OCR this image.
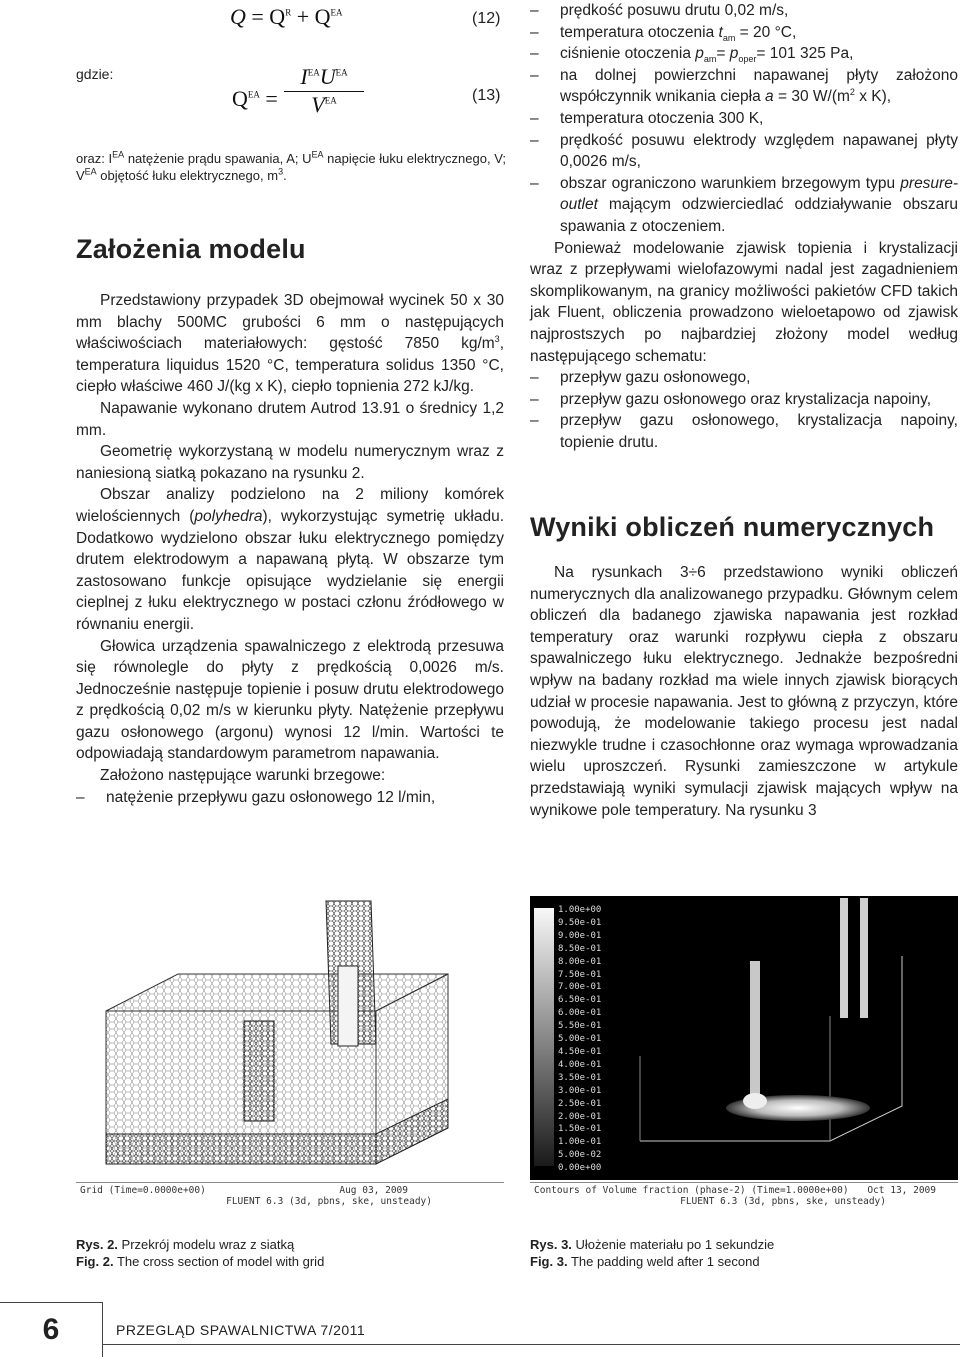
$Q = Q^R + Q^{EA}$	(12)
gdzie:
$Q^{EA}$ =
$I^{EA}U^{EA}$
$V^{EA}$	(13)
oraz: $I^{EA}$ natężenie prądu spawania, A; $U^{EA}$ napięcie łuku elektrycznego, V; $V^{EA}$ objętość łuku elektrycznego, $m^3$.
Założenia modelu

Przedstawiony przypadek 3D obejmował wycinek 50 x 30 mm blachy 500MC grubości 6 mm o następujących właściwościach materiałowych: gęstość 7850 $kg/m^3$, temperatura liquidus 1520 °C, temperatura solidus 1350 °C, ciepło właściwe 460 J/(kg x K), ciepło topnienia 272 kJ/kg.

Napawanie wykonano drutem Autrod 13.91 o średnicy 1,2 mm.

Geometrię wykorzystaną w modelu numerycznym wraz z naniesioną siatką pokazano na rysunku 2.

Obszar analizy podzielono na 2 miliony komórek wielościennych (polyhedra), wykorzystując symetrię układu. Dodatkowo wydzielono obszar łuku elektrycznego pomiędzy drutem elektrodowym a napawaną płytą. W obszarze tym zastosowano funkcje opisujące wydzielanie się energii cieplnej z łuku elektrycznego w postaci członu źródłowego w równaniu energii.

Głowica urządzenia spawalniczego z elektrodą przesuwa się równolegle do płyty z prędkością 0,0026 m/s. Jednocześnie następuje topienie i posuw drutu elektrodowego z prędkością 0,02 m/s w kierunku płyty. Natężenie przepływu gazu osłonowego (argonu) wynosi 12 l/min. Wartości te odpowiadają standardowym parametrom napawania.

Założono następujące warunki brzegowe:

– natężenie przepływu gazu osłonowego 12 l/min,

– prędkość posuwu drutu 0,02 m/s,

– temperatura otoczenia $t_{am} = 20$ °C,

– ciśnienie otoczenia $p_{am}= p_{oper}= 101$ 325 Pa,

– na dolnej powierzchni napawanej płyty założono współczynnik wnikania ciepła a = 30 $W/(m^2$ x K),

– temperatura otoczenia 300 K,

– prędkość posuwu elektrody względem napawanej płyty 0,0026 m/s,

– obszar ograniczono warunkiem brzegowym typu presure-outlet mającym odzwierciedlać oddziaływanie obszaru spawania z otoczeniem.

Ponieważ modelowanie zjawisk topienia i krystalizacji wraz z przepływami wielofazowymi nadal jest zagadnieniem skomplikowanym, na granicy możliwości pakietów CFD takich jak Fluent, obliczenia prowadzono wieloetapowo od zjawisk najprostszych po najbardziej złożony model według następującego schematu:

– przepływ gazu osłonowego,

– przepływ gazu osłonowego oraz krystalizacja napoiny,

– przepływ gazu osłonowego, krystalizacja napoiny, topienie drutu.

Wyniki obliczeń numerycznych

Na rysunkach 3÷6 przedstawiono wyniki obliczeń numerycznych dla analizowanego przypadku. Głównym celem obliczeń dla badanego zjawiska napawania jest rozkład temperatury oraz warunki rozpływu ciepła z obszaru spawalniczego łuku elektrycznego. Jednakże bezpośredni wpływ na badany rozkład ma wiele innych zjawisk biorących udział w procesie napawania. Jest to główną z przyczyn, które powodują, że modelowanie takiego procesu jest nadal niezwykle trudne i czasochłonne oraz wymaga wprowadzania wielu uproszczeń. Rysunki zamieszczone w artykule przedstawiają wyniki symulacji zjawisk mających wpływ na wynikowe pole temperatury. Na rysunku 3

Grid (Time=0.0000e+00)	Aug 03, 2009
FLUENT 6.3 (3d, pbns, ske, unsteady)
Rys. 2. Przekrój modelu wraz z siatką
Fig. 2. The cross section of model with grid
1.00e+00
9.50e-01
9.00e-01
8.50e-01
8.00e-01
7.50e-01
7.00e-01
6.50e-01
6.00e-01
5.50e-01
5.00e-01
4.50e-01
4.00e-01
3.50e-01
3.00e-01
2.50e-01
2.00e-01
1.50e-01
1.00e-01
5.00e-02
0.00e+00
Contours of Volume fraction (phase-2) (Time=1.0000e+00) Oct 13, 2009
FLUENT 6.3 (3d, pbns, ske, unsteady)
Rys. 3. Ułożenie materiału po 1 sekundzie
Fig. 3. The padding weld after 1 second
6	PRZEGLĄD SPAWALNICTWA 7/2011
